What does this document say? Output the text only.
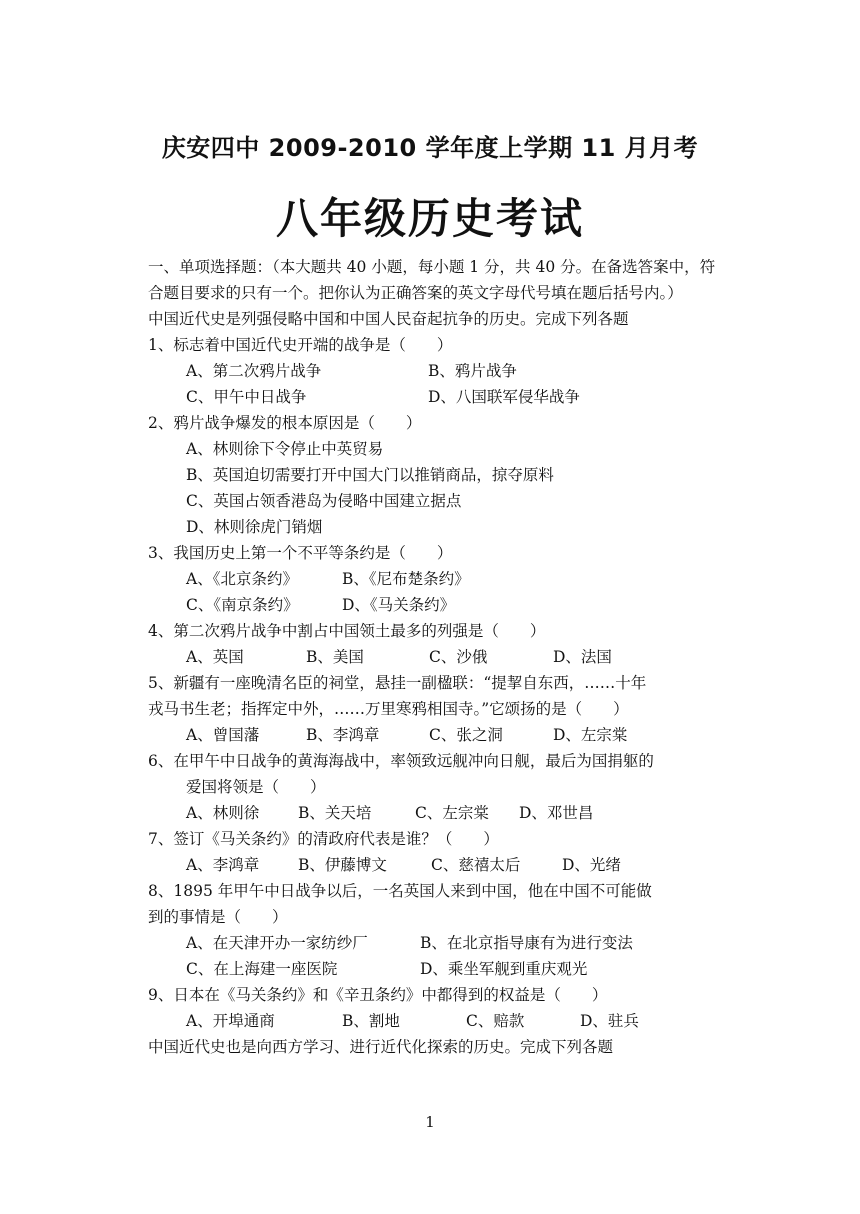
庆安四中 2009-2010 学年度上学期 11 月月考
八年级历史考试
一、单项选择题：（本大题共 40 小题，每小题 1 分，共 40 分。在备选答案中，符合题目要求的只有一个。把你认为正确答案的英文字母代号填在题后括号内。）
中国近代史是列强侵略中国和中国人民奋起抗争的历史。完成下列各题
1、标志着中国近代史开端的战争是（　　）
A、第二次鸦片战争	B、鸦片战争
C、甲午中日战争	D、八国联军侵华战争
2、鸦片战争爆发的根本原因是（　　）
A、林则徐下令停止中英贸易
B、英国迫切需要打开中国大门以推销商品，掠夺原料
C、英国占领香港岛为侵略中国建立据点
D、林则徐虎门销烟
3、我国历史上第一个不平等条约是（　　）
A、《北京条约》	B、《尼布楚条约》
C、《南京条约》	D、《马关条约》
4、第二次鸦片战争中割占中国领土最多的列强是（　　）
A、英国	B、美国	C、沙俄	D、法国
5、新疆有一座晚清名臣的祠堂，悬挂一副楹联：“提挈自东西，……十年
戎马书生老；指挥定中外，……万里寒鸦相国寺。”它颂扬的是（　　）
A、曾国藩	B、李鸿章	C、张之洞	D、左宗棠
6、在甲午中日战争的黄海海战中，率领致远舰冲向日舰，最后为国捐躯的
爱国将领是（　　）
A、林则徐	B、关天培	C、左宗棠 D、邓世昌
7、签订《马关条约》的清政府代表是谁？（　　）
A、李鸿章	B、伊藤博文	C、慈禧太后	D、光绪
8、1895 年甲午中日战争以后，一名英国人来到中国，他在中国不可能做
到的事情是（　　）
A、在天津开办一家纺纱厂	B、在北京指导康有为进行变法
C、在上海建一座医院	D、乘坐军舰到重庆观光
9、日本在《马关条约》和《辛丑条约》中都得到的权益是（　　）
A、开埠通商	B、割地	C、赔款	D、驻兵
中国近代史也是向西方学习、进行近代化探索的历史。完成下列各题
1
